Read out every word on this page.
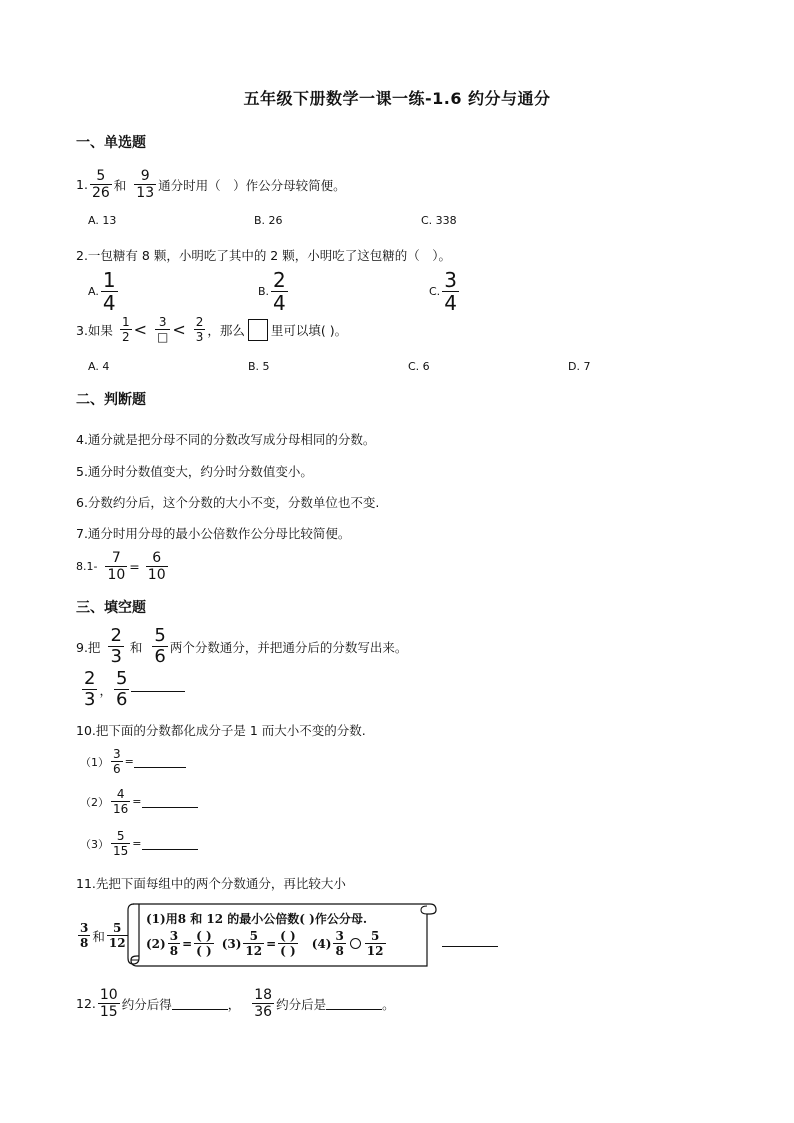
五年级下册数学一课一练-1.6 约分与通分
一、单选题
1.
5
26 和
9
13 通分时用（　）作公分母较简便。
A. 13	B. 26	C. 338
2.一包糖有 8 颗，小明吃了其中的 2 颗，小明吃了这包糖的（　）。
A. 1
4	B. 2
4	C. 3
4
3.如果
1
2 < 3
□ < 2
3 ，那么 里可以填( )。
A. 4	B. 5	C. 6	D. 7
二、判断题
4.通分就是把分母不同的分数改写成分母相同的分数。
5.通分时分数值变大，约分时分数值变小。
6.分数约分后，这个分数的大小不变，分数单位也不变.
7.通分时用分母的最小公倍数作公分母比较简便。
$8.1- \frac{7}{10}$ =
6
10
三、填空题
9.把
2
3 和
5
6 两个分数通分，并把通分后的分数写出来。
2
3 ，
5
6
10.把下面的分数都化成分子是 1 而大小不变的分数.
$(1) \frac{3}{6}$ =
$(2) \frac{4}{16}$ =
$(3) \frac{5}{15}$ =
11.先把下面每组中的两个分数通分，再比较大小
3
8 和
5
12
(1)用8 和 12 的最小公倍数( )作公分母.
$(2) \frac{3}{8}$ =
( )
( )
$(3) \frac{5}{12}$ =
( )
( )
(4)
3
8
5
12
12.
10
15 约分后得	，
18
36 约分后是	。
